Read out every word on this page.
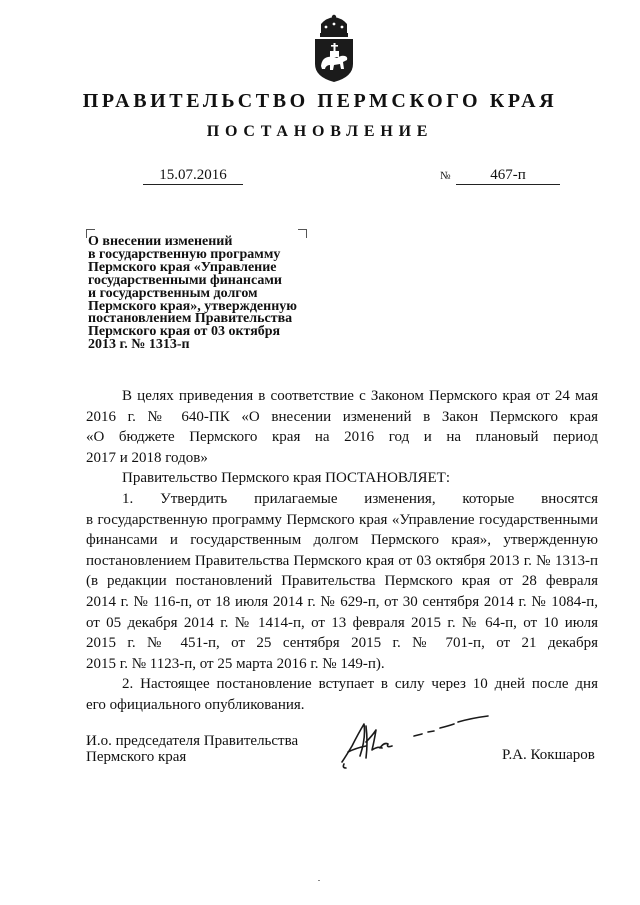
ПРАВИТЕЛЬСТВО ПЕРМСКОГО КРАЯ
ПОСТАНОВЛЕНИЕ
15.07.2016	№	467-п
О внесении изменений
в государственную программу
Пермского края «Управление
государственными финансами
и государственным долгом
Пермского края», утвержденную
постановлением Правительства
Пермского края от 03 октября
2013 г. № 1313-п

В целях приведения в соответствие с Законом Пермского края от 24 мая

2016 г. № 640-ПК «О внесении изменений в Закон Пермского края

«О бюджете Пермского края на 2016 год и на плановый период

2017 и 2018 годов»

Правительство Пермского края ПОСТАНОВЛЯЕТ:

1. Утвердить прилагаемые изменения, которые вносятся

в государственную программу Пермского края «Управление государственными

финансами и государственным долгом Пермского края», утвержденную

постановлением Правительства Пермского края от 03 октября 2013 г. № 1313-п

(в редакции постановлений Правительства Пермского края от 28 февраля

2014 г. № 116-п, от 18 июля 2014 г. № 629-п, от 30 сентября 2014 г. № 1084-п,

от 05 декабря 2014 г. № 1414-п, от 13 февраля 2015 г. № 64-п, от 10 июля

2015 г. № 451-п, от 25 сентября 2015 г. № 701-п, от 21 декабря

2015 г. № 1123-п, от 25 марта 2016 г. № 149-п).

2. Настоящее постановление вступает в силу через 10 дней после дня

его официального опубликования.

И.о. председателя Правительства
Пермского края	Р.А. Кокшаров
